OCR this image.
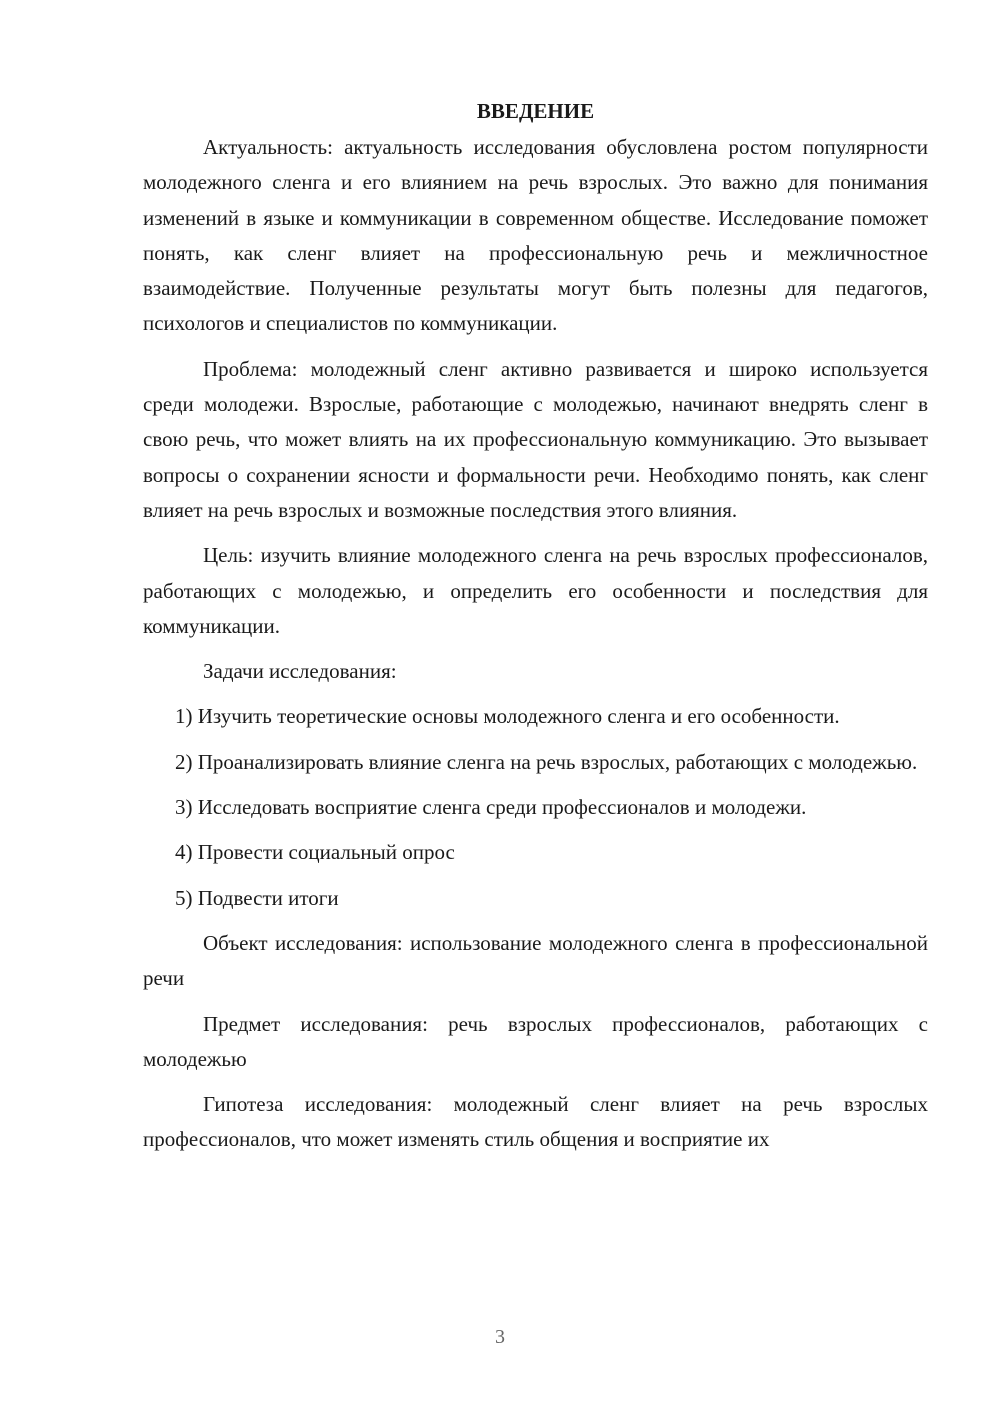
ВВЕДЕНИЕ
Актуальность: актуальность исследования обусловлена ростом популярности молодежного сленга и его влиянием на речь взрослых. Это важно для понимания изменений в языке и коммуникации в современном обществе. Исследование поможет понять, как сленг влияет на профессиональную речь и межличностное взаимодействие. Полученные результаты могут быть полезны для педагогов, психологов и специалистов по коммуникации.
Проблема: молодежный сленг активно развивается и широко используется среди молодежи. Взрослые, работающие с молодежью, начинают внедрять сленг в свою речь, что может влиять на их профессиональную коммуникацию. Это вызывает вопросы о сохранении ясности и формальности речи. Необходимо понять, как сленг влияет на речь взрослых и возможные последствия этого влияния.
Цель: изучить влияние молодежного сленга на речь взрослых профессионалов, работающих с молодежью, и определить его особенности и последствия для коммуникации.
Задачи исследования:
1) Изучить теоретические основы молодежного сленга и его особенности.
2) Проанализировать влияние сленга на речь взрослых, работающих с молодежью.
3) Исследовать восприятие сленга среди профессионалов и молодежи.
4) Провести социальный опрос
5) Подвести итоги
Объект исследования: использование молодежного сленга в профессиональной речи
Предмет исследования: речь взрослых профессионалов, работающих с молодежью
Гипотеза исследования: молодежный сленг влияет на речь взрослых профессионалов, что может изменять стиль общения и восприятие их
3
